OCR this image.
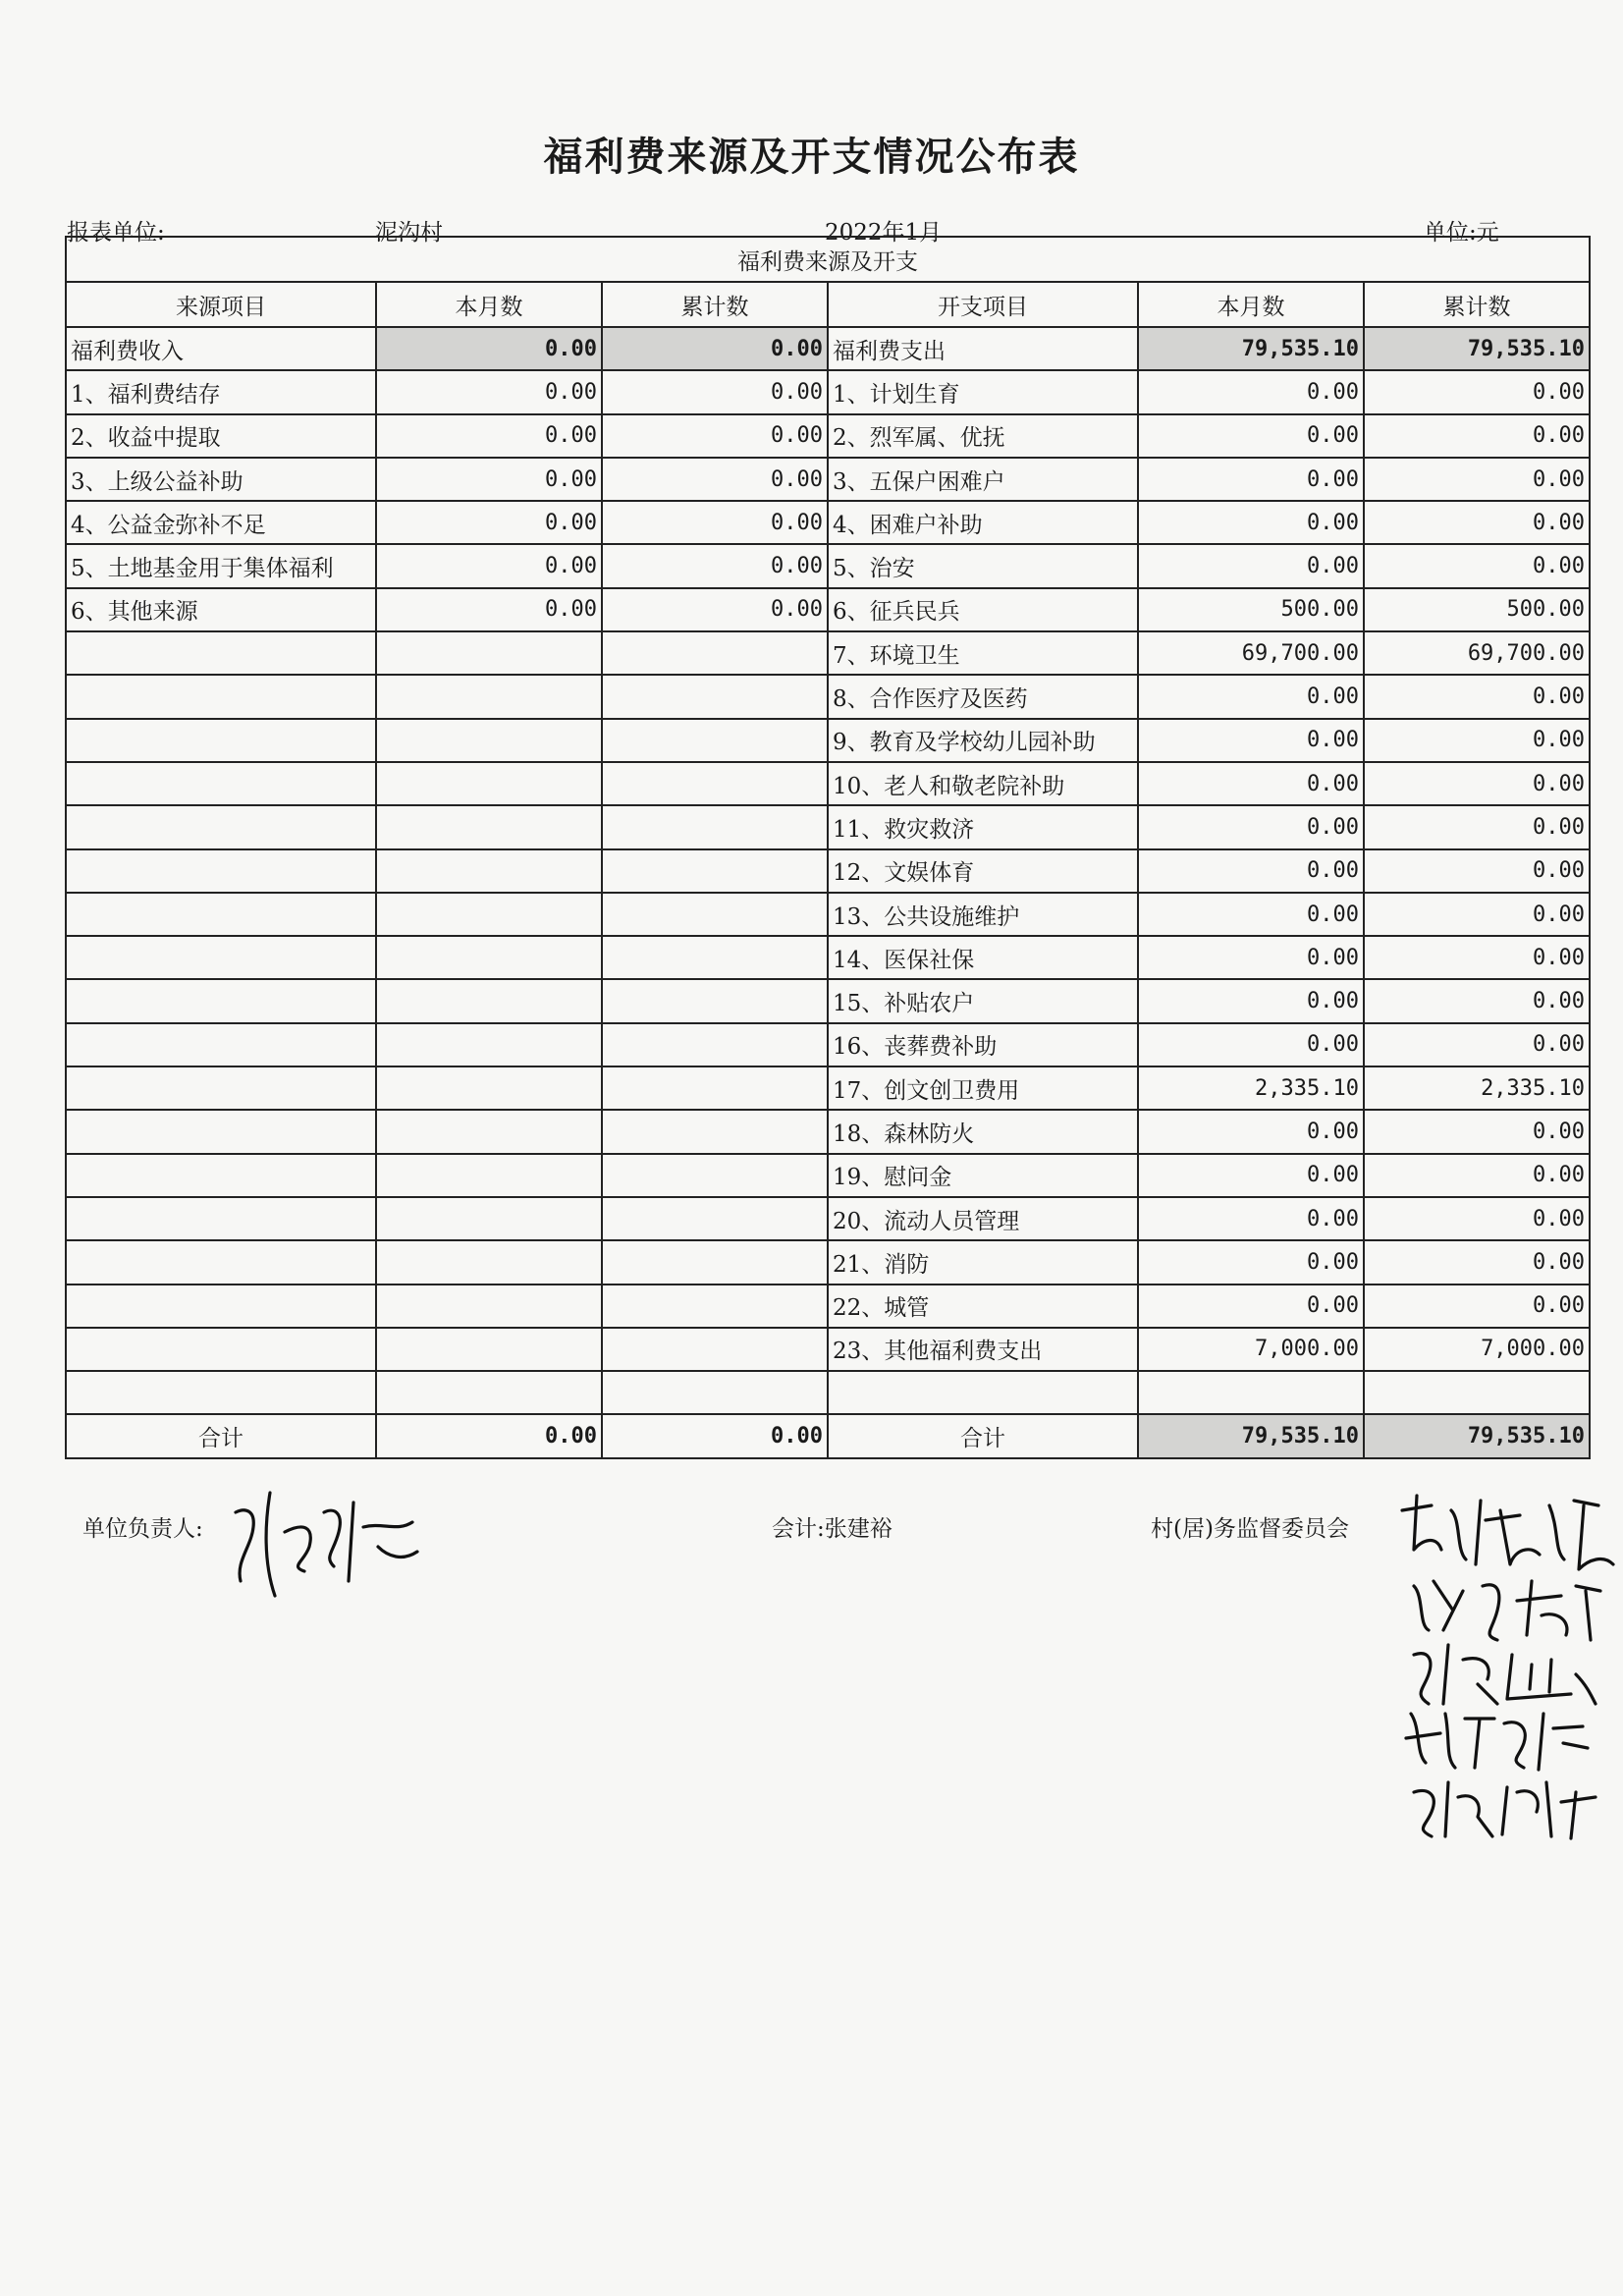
福利费来源及开支情况公布表
报表单位:	泥沟村	2022年1月	单位:元
福利费来源及开支					
来源项目	本月数	累计数	开支项目	本月数	累计数
福利费收入	0.00	0.00	福利费支出	79,535.10	79,535.10
1、福利费结存	0.00	0.00	1、计划生育	0.00	0.00
2、收益中提取	0.00	0.00	2、烈军属、优抚	0.00	0.00
3、上级公益补助	0.00	0.00	3、五保户困难户	0.00	0.00
4、公益金弥补不足	0.00	0.00	4、困难户补助	0.00	0.00
5、土地基金用于集体福利	0.00	0.00	5、治安	0.00	0.00
6、其他来源	0.00	0.00	6、征兵民兵	500.00	500.00
			7、环境卫生	69,700.00	69,700.00
			8、合作医疗及医药	0.00	0.00
			9、教育及学校幼儿园补助	0.00	0.00
			10、老人和敬老院补助	0.00	0.00
			11、救灾救济	0.00	0.00
			12、文娱体育	0.00	0.00
			13、公共设施维护	0.00	0.00
			14、医保社保	0.00	0.00
			15、补贴农户	0.00	0.00
			16、丧葬费补助	0.00	0.00
			17、创文创卫费用	2,335.10	2,335.10
			18、森林防火	0.00	0.00
			19、慰问金	0.00	0.00
			20、流动人员管理	0.00	0.00
			21、消防	0.00	0.00
			22、城管	0.00	0.00
			23、其他福利费支出	7,000.00	7,000.00

合计	0.00	0.00	合计	79,535.10	79,535.10
单位负责人:	会计:张建裕	村(居)务监督委员会
